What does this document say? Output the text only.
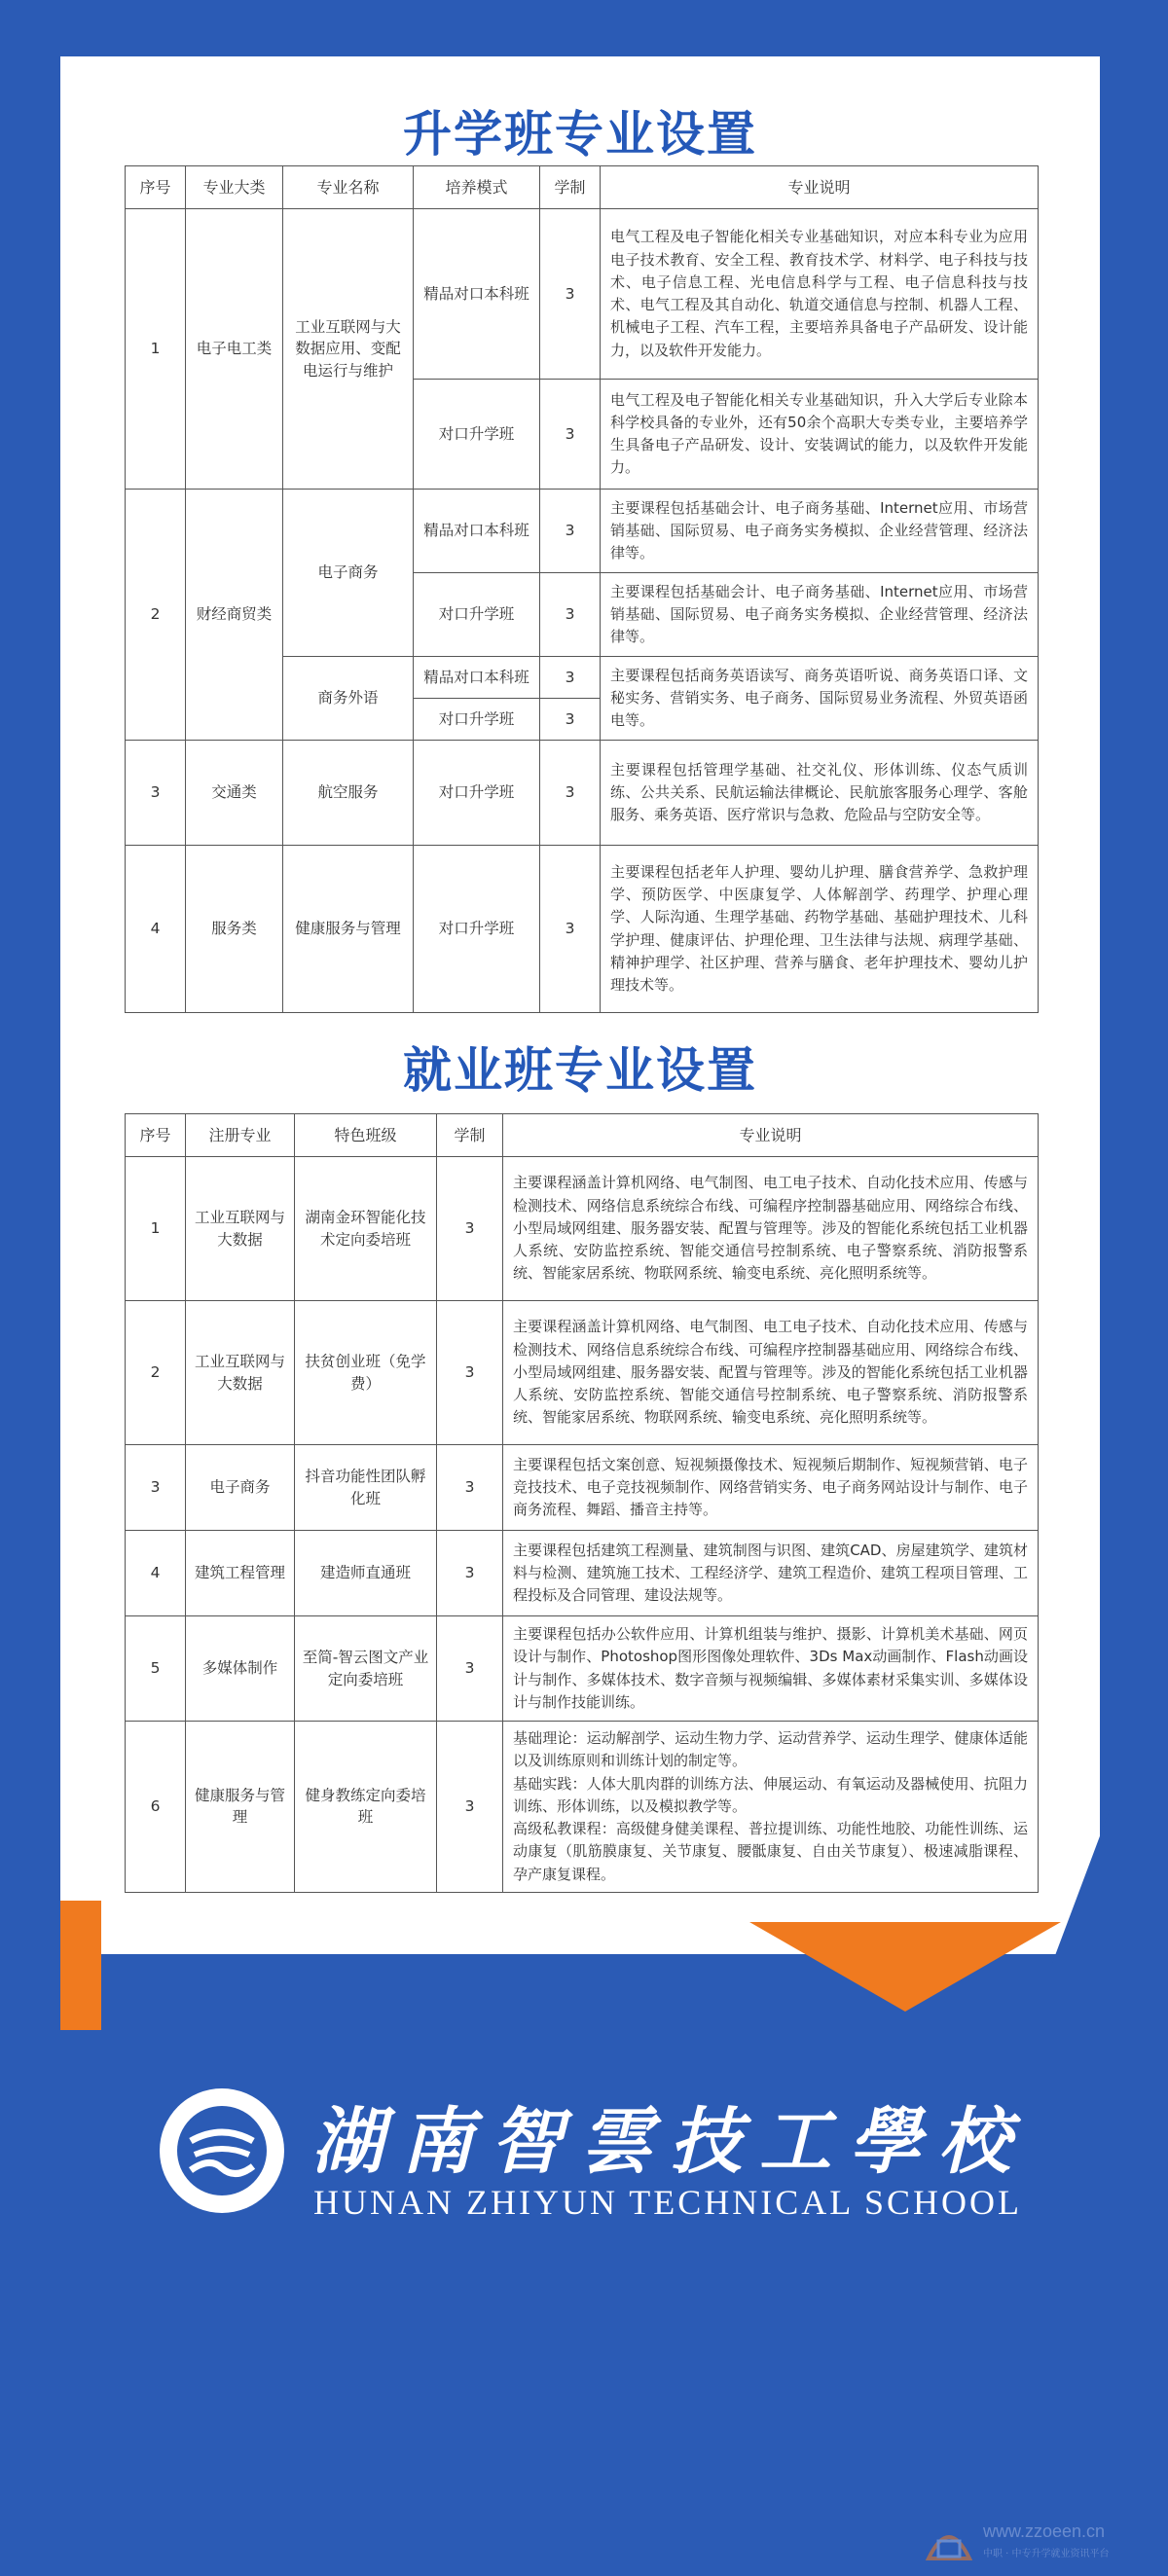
升学班专业设置
序号	专业大类	专业名称	培养模式	学制	专业说明
1	电子电工类	工业互联网与大数据应用、变配电运行与维护	精品对口本科班	3	电气工程及电子智能化相关专业基础知识，对应本科专业为应用电子技术教育、安全工程、教育技术学、材料学、电子科技与技术、电子信息工程、光电信息科学与工程、电子信息科技与技术、电气工程及其自动化、轨道交通信息与控制、机器人工程、机械电子工程、汽车工程，主要培养具备电子产品研发、设计能力，以及软件开发能力。
			对口升学班	3	电气工程及电子智能化相关专业基础知识，升入大学后专业除本科学校具备的专业外，还有50余个高职大专类专业，主要培养学生具备电子产品研发、设计、安装调试的能力，以及软件开发能力。
2	财经商贸类	电子商务	精品对口本科班	3	主要课程包括基础会计、电子商务基础、Internet应用、市场营销基础、国际贸易、电子商务实务模拟、企业经营管理、经济法律等。
			对口升学班	3	主要课程包括基础会计、电子商务基础、Internet应用、市场营销基础、国际贸易、电子商务实务模拟、企业经营管理、经济法律等。
		商务外语	精品对口本科班	3	主要课程包括商务英语读写、商务英语听说、商务英语口译、文秘实务、营销实务、电子商务、国际贸易业务流程、外贸英语函电等。
			对口升学班	3	
3	交通类	航空服务	对口升学班	3	主要课程包括管理学基础、社交礼仪、形体训练、仪态气质训练、公共关系、民航运输法律概论、民航旅客服务心理学、客舱服务、乘务英语、医疗常识与急救、危险品与空防安全等。
4	服务类	健康服务与管理	对口升学班	3	主要课程包括老年人护理、婴幼儿护理、膳食营养学、急救护理学、预防医学、中医康复学、人体解剖学、药理学、护理心理学、人际沟通、生理学基础、药物学基础、基础护理技术、儿科学护理、健康评估、护理伦理、卫生法律与法规、病理学基础、精神护理学、社区护理、营养与膳食、老年护理技术、婴幼儿护理技术等。
就业班专业设置
序号	注册专业	特色班级	学制	专业说明
1	工业互联网与大数据	湖南金环智能化技术定向委培班	3	主要课程涵盖计算机网络、电气制图、电工电子技术、自动化技术应用、传感与检测技术、网络信息系统综合布线、可编程序控制器基础应用、网络综合布线、小型局域网组建、服务器安装、配置与管理等。涉及的智能化系统包括工业机器人系统、安防监控系统、智能交通信号控制系统、电子警察系统、消防报警系统、智能家居系统、物联网系统、输变电系统、亮化照明系统等。
2	工业互联网与大数据	扶贫创业班（免学费）	3	主要课程涵盖计算机网络、电气制图、电工电子技术、自动化技术应用、传感与检测技术、网络信息系统综合布线、可编程序控制器基础应用、网络综合布线、小型局域网组建、服务器安装、配置与管理等。涉及的智能化系统包括工业机器人系统、安防监控系统、智能交通信号控制系统、电子警察系统、消防报警系统、智能家居系统、物联网系统、输变电系统、亮化照明系统等。
3	电子商务	抖音功能性团队孵化班	3	主要课程包括文案创意、短视频摄像技术、短视频后期制作、短视频营销、电子竞技技术、电子竞技视频制作、网络营销实务、电子商务网站设计与制作、电子商务流程、舞蹈、播音主持等。
4	建筑工程管理	建造师直通班	3	主要课程包括建筑工程测量、建筑制图与识图、建筑CAD、房屋建筑学、建筑材料与检测、建筑施工技术、工程经济学、建筑工程造价、建筑工程项目管理、工程投标及合同管理、建设法规等。
5	多媒体制作	至简-智云图文产业定向委培班	3	主要课程包括办公软件应用、计算机组装与维护、摄影、计算机美术基础、网页设计与制作、Photoshop图形图像处理软件、3Ds Max动画制作、Flash动画设计与制作、多媒体技术、数字音频与视频编辑、多媒体素材采集实训、多媒体设计与制作技能训练。
6	健康服务与管理	健身教练定向委培班	3	基础理论：运动解剖学、运动生物力学、运动营养学、运动生理学、健康体适能以及训练原则和训练计划的制定等。
基础实践：人体大肌肉群的训练方法、伸展运动、有氧运动及器械使用、抗阻力训练、形体训练，以及模拟教学等。
高级私教课程：高级健身健美课程、普拉提训练、功能性地胶、功能性训练、运动康复（肌筋膜康复、关节康复、腰骶康复、自由关节康复）、极速减脂课程、孕产康复课程。
湖南智雲技工學校
HUNAN ZHIYUN TECHNICAL SCHOOL
www.zzoeen.cn
中职 · 中专升学就业资讯平台
